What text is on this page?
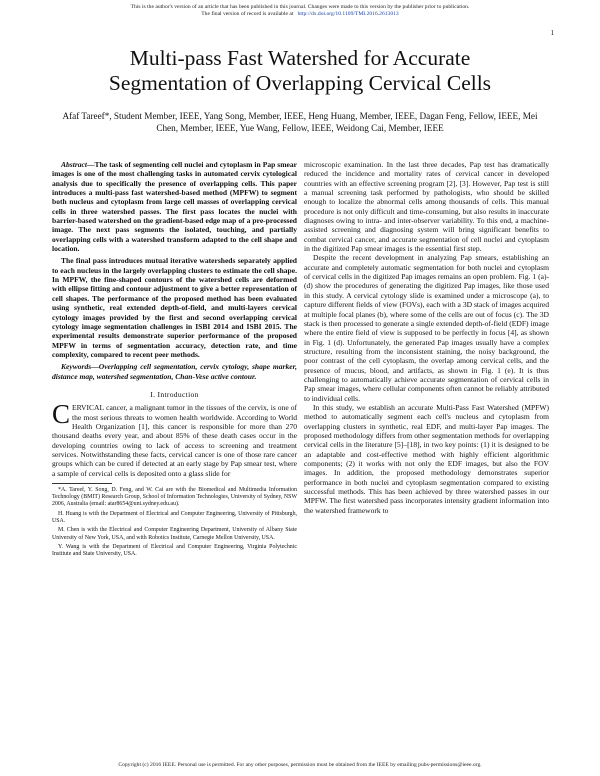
This is the author's version of an article that has been published in this journal. Changes were made to this version by the publisher prior to publication.
The final version of record is available at http://dx.doi.org/10.1109/TMI.2016.2613013
1
Multi-pass Fast Watershed for Accurate
Segmentation of Overlapping Cervical Cells
Afaf Tareef*, Student Member, IEEE, Yang Song, Member, IEEE, Heng Huang, Member, IEEE, Dagan Feng, Fellow, IEEE, Mei Chen, Member, IEEE, Yue Wang, Fellow, IEEE, Weidong Cai, Member, IEEE

Abstract—The task of segmenting cell nuclei and cytoplasm in Pap smear images is one of the most challenging tasks in automated cervix cytological analysis due to specifically the presence of overlapping cells. This paper introduces a multi-pass fast watershed-based method (MPFW) to segment both nucleus and cytoplasm from large cell masses of overlapping cervical cells in three watershed passes. The first pass locates the nuclei with barrier-based watershed on the gradient-based edge map of a pre-processed image. The next pass segments the isolated, touching, and partially overlapping cells with a watershed transform adapted to the cell shape and location.

The final pass introduces mutual iterative watersheds separately applied to each nucleus in the largely overlapping clusters to estimate the cell shape. In MPFW, the fine-shaped contours of the watershed cells are deformed with ellipse fitting and contour adjustment to give a better representation of cell shapes. The performance of the proposed method has been evaluated using synthetic, real extended depth-of-field, and multi-layers cervical cytology images provided by the first and second overlapping cervical cytology image segmentation challenges in ISBI 2014 and ISBI 2015. The experimental results demonstrate superior performance of the proposed MPFW in terms of segmentation accuracy, detection rate, and time complexity, compared to recent peer methods.

Keywords—Overlapping cell segmentation, cervix cytology, shape marker, distance map, watershed segmentation, Chan-Vese active contour.

I. Introduction

CERVICAL cancer, a malignant tumor in the tissues of the cervix, is one of the most serious threats to women health worldwide. According to World Health Organization [1], this cancer is responsible for more than 270 thousand deaths every year, and about 85% of these death cases occur in the developing countries owing to lack of access to screening and treatment services. Notwithstanding these facts, cervical cancer is one of those rare cancer groups which can be cured if detected at an early stage by Pap smear test, where a sample of cervical cells is deposited onto a glass slide for

*A. Tareef, Y. Song, D. Feng, and W. Cai are with the Biomedical and Multimedia Information Technology (BMIT) Research Group, School of Information Technologies, University of Sydney, NSW 2006, Australia (email: atar8654@uni.sydney.edu.au).

H. Huang is with the Department of Electrical and Computer Engineering, University of Pittsburgh, USA.

M. Chen is with the Electrical and Computer Engineering Department, University of Albany State University of New York, USA, and with Robotics Institute, Carnegie Mellon University, USA.

Y. Wang is with the Department of Electrical and Computer Engineering, Virginia Polytechnic Institute and State University, USA.

microscopic examination. In the last three decades, Pap test has dramatically reduced the incidence and mortality rates of cervical cancer in developed countries with an effective screening program [2], [3]. However, Pap test is still a manual screening task performed by pathologists, who should be skilled enough to localize the abnormal cells among thousands of cells. This manual procedure is not only difficult and time-consuming, but also results in inaccurate diagnoses owing to intra- and inter-observer variability. To this end, a machine-assisted screening and diagnosing system will bring significant benefits to combat cervical cancer, and accurate segmentation of cell nuclei and cytoplasm in the digitized Pap smear images is the essential first step.

Despite the recent development in analyzing Pap smears, establishing an accurate and completely automatic segmentation for both nuclei and cytoplasm of cervical cells in the digitized Pap images remains an open problem. Fig. 1 (a)-(d) show the procedures of generating the digitized Pap images, like those used in this study. A cervical cytology slide is examined under a microscope (a), to capture different fields of view (FOVs), each with a 3D stack of images acquired at multiple focal planes (b), where some of the cells are out of focus (c). The 3D stack is then processed to generate a single extended depth-of-field (EDF) image where the entire field of view is supposed to be perfectly in focus [4], as shown in Fig. 1 (d). Unfortunately, the generated Pap images usually have a complex structure, resulting from the inconsistent staining, the noisy background, the poor contrast of the cell cytoplasm, the overlap among cervical cells, and the presence of mucus, blood, and artifacts, as shown in Fig. 1 (e). It is thus challenging to automatically achieve accurate segmentation of cervical cells in Pap smear images, where cellular components often cannot be reliably attributed to individual cells.

In this study, we establish an accurate Multi-Pass Fast Watershed (MPFW) method to automatically segment each cell's nucleus and cytoplasm from overlapping clusters in synthetic, real EDF, and multi-layer Pap images. The proposed methodology differs from other segmentation methods for overlapping cervical cells in the literature [5]–[18], in two key points: (1) it is designed to be an adaptable and cost-effective method with highly efficient algorithmic components; (2) it works with not only the EDF images, but also the FOV images. In addition, the proposed methodology demonstrates superior performance in both nuclei and cytoplasm segmentation compared to existing successful methods. This has been achieved by three watershed passes in our MPFW. The first watershed pass incorporates intensity gradient information into the watershed framework to

Copyright (c) 2016 IEEE. Personal use is permitted. For any other purposes, permission must be obtained from the IEEE by emailing pubs-permissions@ieee.org.
